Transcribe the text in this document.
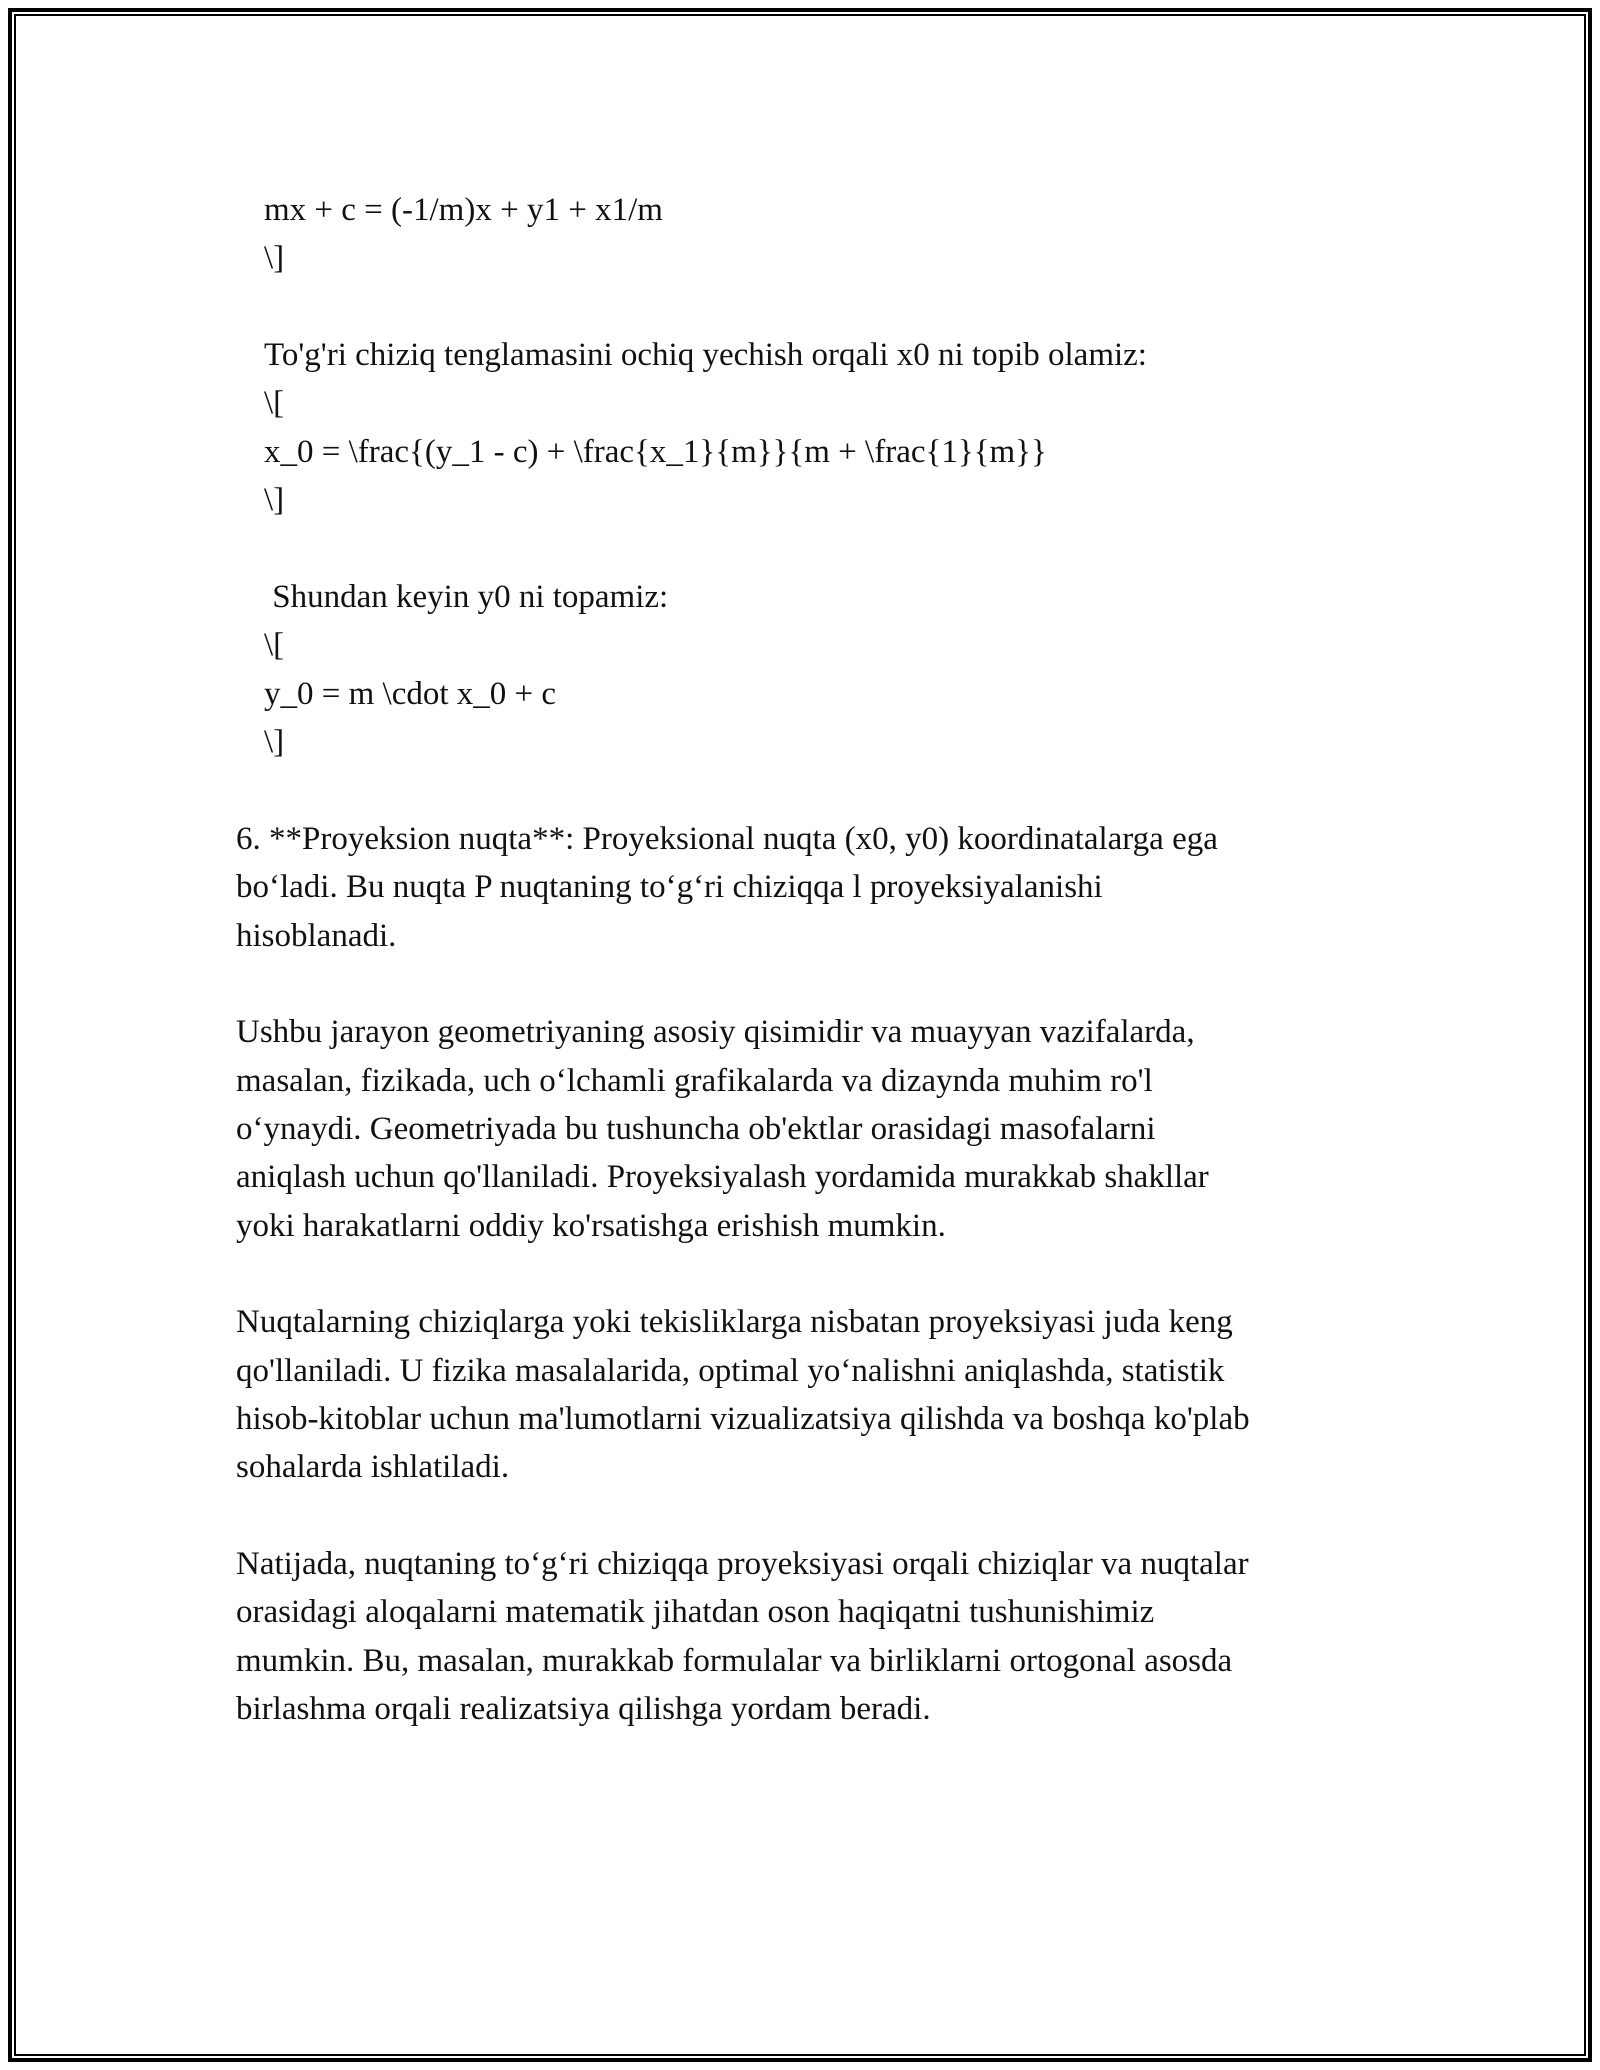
mx + c = (-1/m)x + y1 + x1/m
\]
To'g'ri chiziq tenglamasini ochiq yechish orqali x0 ni topib olamiz:
\[
x_0 = \frac{(y_1 - c) + \frac{x_1}{m}}{m + \frac{1}{m}}
\]
Shundan keyin y0 ni topamiz:
\[
y_0 = m \cdot x_0 + c
\]
6. **Proyeksion nuqta**: Proyeksional nuqta (x0, y0) koordinatalarga ega
bo‘ladi. Bu nuqta P nuqtaning to‘g‘ri chiziqqa l proyeksiyalanishi
hisoblanadi.
Ushbu jarayon geometriyaning asosiy qisimidir va muayyan vazifalarda,
masalan, fizikada, uch o‘lchamli grafikalarda va dizaynda muhim ro'l
o‘ynaydi. Geometriyada bu tushuncha ob'ektlar orasidagi masofalarni
aniqlash uchun qo'llaniladi. Proyeksiyalash yordamida murakkab shakllar
yoki harakatlarni oddiy ko'rsatishga erishish mumkin.
Nuqtalarning chiziqlarga yoki tekisliklarga nisbatan proyeksiyasi juda keng
qo'llaniladi. U fizika masalalarida, optimal yo‘nalishni aniqlashda, statistik
hisob-kitoblar uchun ma'lumotlarni vizualizatsiya qilishda va boshqa ko'plab
sohalarda ishlatiladi.
Natijada, nuqtaning to‘g‘ri chiziqqa proyeksiyasi orqali chiziqlar va nuqtalar
orasidagi aloqalarni matematik jihatdan oson haqiqatni tushunishimiz
mumkin. Bu, masalan, murakkab formulalar va birliklarni ortogonal asosda
birlashma orqali realizatsiya qilishga yordam beradi.
